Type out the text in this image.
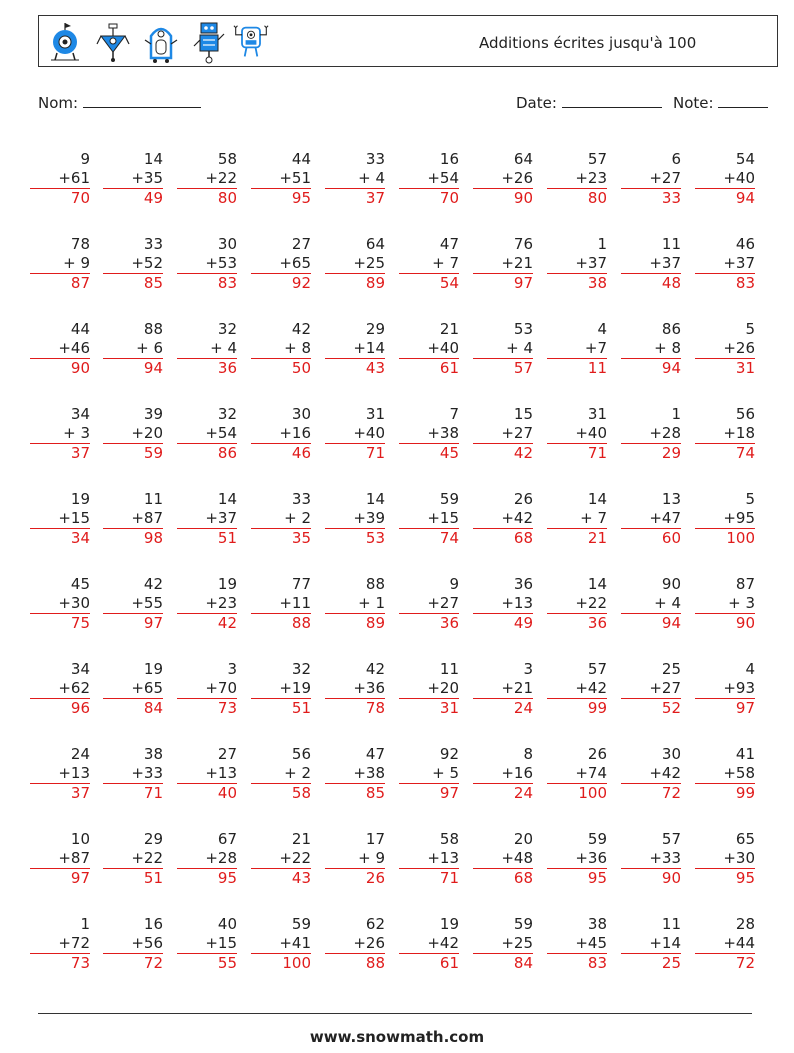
Additions écrites jusqu'à 100
Nom:	Date:	Note:
9
+61
70
14
+35
49
58
+22
80
44
+51
95
33
+ 4
37
16
+54
70
64
+26
90
57
+23
80
6
+27
33
54
+40
94
78
+ 9
87
33
+52
85
30
+53
83
27
+65
92
64
+25
89
47
+ 7
54
76
+21
97
1
+37
38
11
+37
48
46
+37
83
44
+46
90
88
+ 6
94
32
+ 4
36
42
+ 8
50
29
+14
43
21
+40
61
53
+ 4
57
4
+7
11
86
+ 8
94
5
+26
31
34
+ 3
37
39
+20
59
32
+54
86
30
+16
46
31
+40
71
7
+38
45
15
+27
42
31
+40
71
1
+28
29
56
+18
74
19
+15
34
11
+87
98
14
+37
51
33
+ 2
35
14
+39
53
59
+15
74
26
+42
68
14
+ 7
21
13
+47
60
5
+95
100
45
+30
75
42
+55
97
19
+23
42
77
+11
88
88
+ 1
89
9
+27
36
36
+13
49
14
+22
36
90
+ 4
94
87
+ 3
90
34
+62
96
19
+65
84
3
+70
73
32
+19
51
42
+36
78
11
+20
31
3
+21
24
57
+42
99
25
+27
52
4
+93
97
24
+13
37
38
+33
71
27
+13
40
56
+ 2
58
47
+38
85
92
+ 5
97
8
+16
24
26
+74
100
30
+42
72
41
+58
99
10
+87
97
29
+22
51
67
+28
95
21
+22
43
17
+ 9
26
58
+13
71
20
+48
68
59
+36
95
57
+33
90
65
+30
95
1
+72
73
16
+56
72
40
+15
55
59
+41
100
62
+26
88
19
+42
61
59
+25
84
38
+45
83
11
+14
25
28
+44
72
www.snowmath.com
